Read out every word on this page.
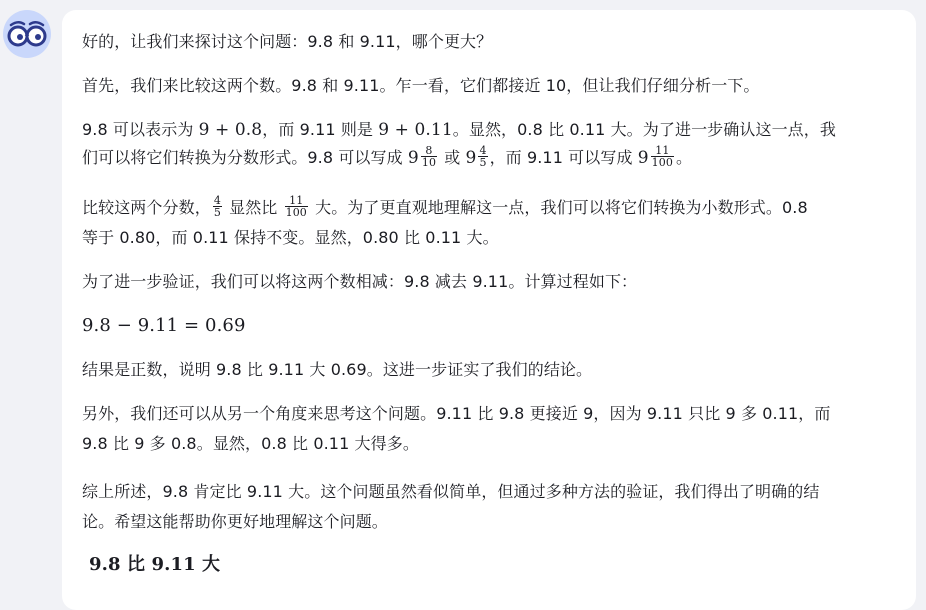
好的，让我们来探讨这个问题：9.8 和 9.11，哪个更大？

首先，我们来比较这两个数。9.8 和 9.11。乍一看，它们都接近 10，但让我们仔细分析一下。

9.8 可以表示为 9 + 0.8，而 9.11 则是 9 + 0.11。显然，0.8 比 0.11 大。为了进一步确认这一点，我

们可以将它们转换为分数形式。9.8 可以写成 $9 \frac{8}{10}$ 或 $9 \frac{4}{5}$ ，而 9.11 可以写成 $9 \frac{11}{100}$ 。

比较这两个分数， $\frac{4}{5}$ 显然比 $\frac{11}{100}$ 大。为了更直观地理解这一点，我们可以将它们转换为小数形式。0.8

等于 0.80，而 0.11 保持不变。显然，0.80 比 0.11 大。

为了进一步验证，我们可以将这两个数相减：9.8 减去 9.11。计算过程如下：

9.8 − 9.11 = 0.69

结果是正数，说明 9.8 比 9.11 大 0.69。这进一步证实了我们的结论。

另外，我们还可以从另一个角度来思考这个问题。9.11 比 9.8 更接近 9，因为 9.11 只比 9 多 0.11，而

9.8 比 9 多 0.8。显然，0.8 比 0.11 大得多。

综上所述，9.8 肯定比 9.11 大。这个问题虽然看似简单，但通过多种方法的验证，我们得出了明确的结

论。希望这能帮助你更好地理解这个问题。

9.8 比 9.11 大
